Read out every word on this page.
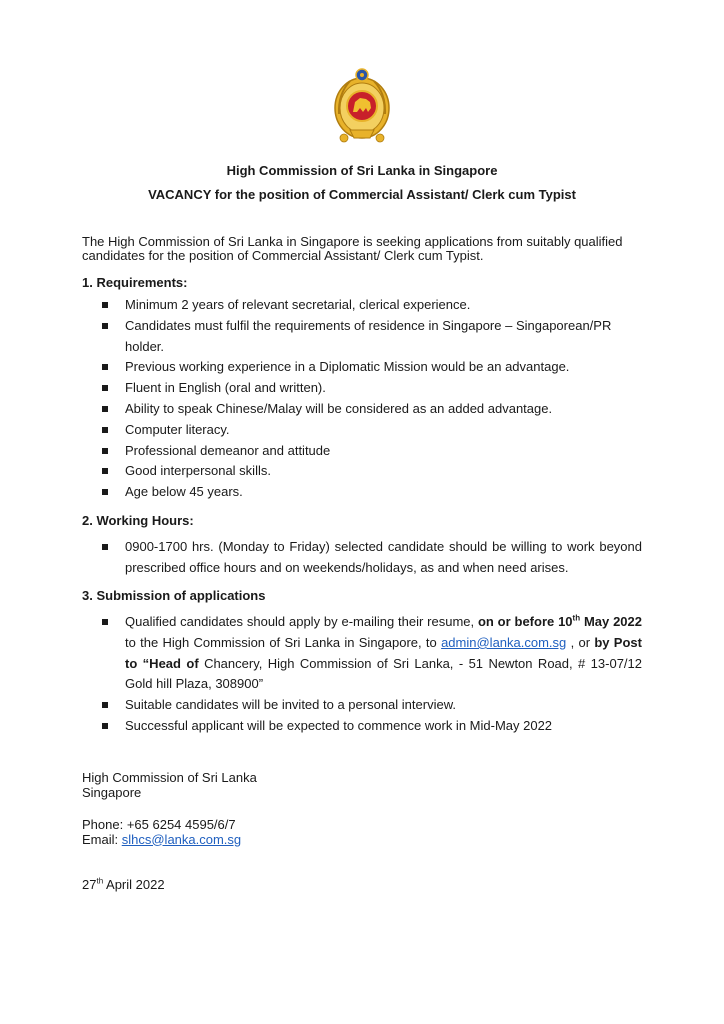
High Commission of Sri Lanka in Singapore
VACANCY for the position of Commercial Assistant/ Clerk cum Typist
The High Commission of Sri Lanka in Singapore is seeking applications from suitably qualified candidates for the position of Commercial Assistant/ Clerk cum Typist.
1. Requirements:
Minimum 2 years of relevant secretarial, clerical experience.
Candidates must fulfil the requirements of residence in Singapore – Singaporean/PR holder.
Previous working experience in a Diplomatic Mission would be an advantage.
Fluent in English (oral and written).
Ability to speak Chinese/Malay will be considered as an added advantage.
Computer literacy.
Professional demeanor and attitude
Good interpersonal skills.
Age below 45 years.
2. Working Hours:
0900-1700 hrs. (Monday to Friday) selected candidate should be willing to work beyond prescribed office hours and on weekends/holidays, as and when need arises.
3. Submission of applications
Qualified candidates should apply by e-mailing their resume, on or before 10th May 2022 to the High Commission of Sri Lanka in Singapore, to admin@lanka.com.sg , or by Post to “Head of Chancery, High Commission of Sri Lanka, - 51 Newton Road, # 13-07/12 Gold hill Plaza, 308900”
Suitable candidates will be invited to a personal interview.
Successful applicant will be expected to commence work in Mid-May 2022
High Commission of Sri Lanka
Singapore
Phone: +65 6254 4595/6/7
Email: slhcs@lanka.com.sg
27th April 2022
